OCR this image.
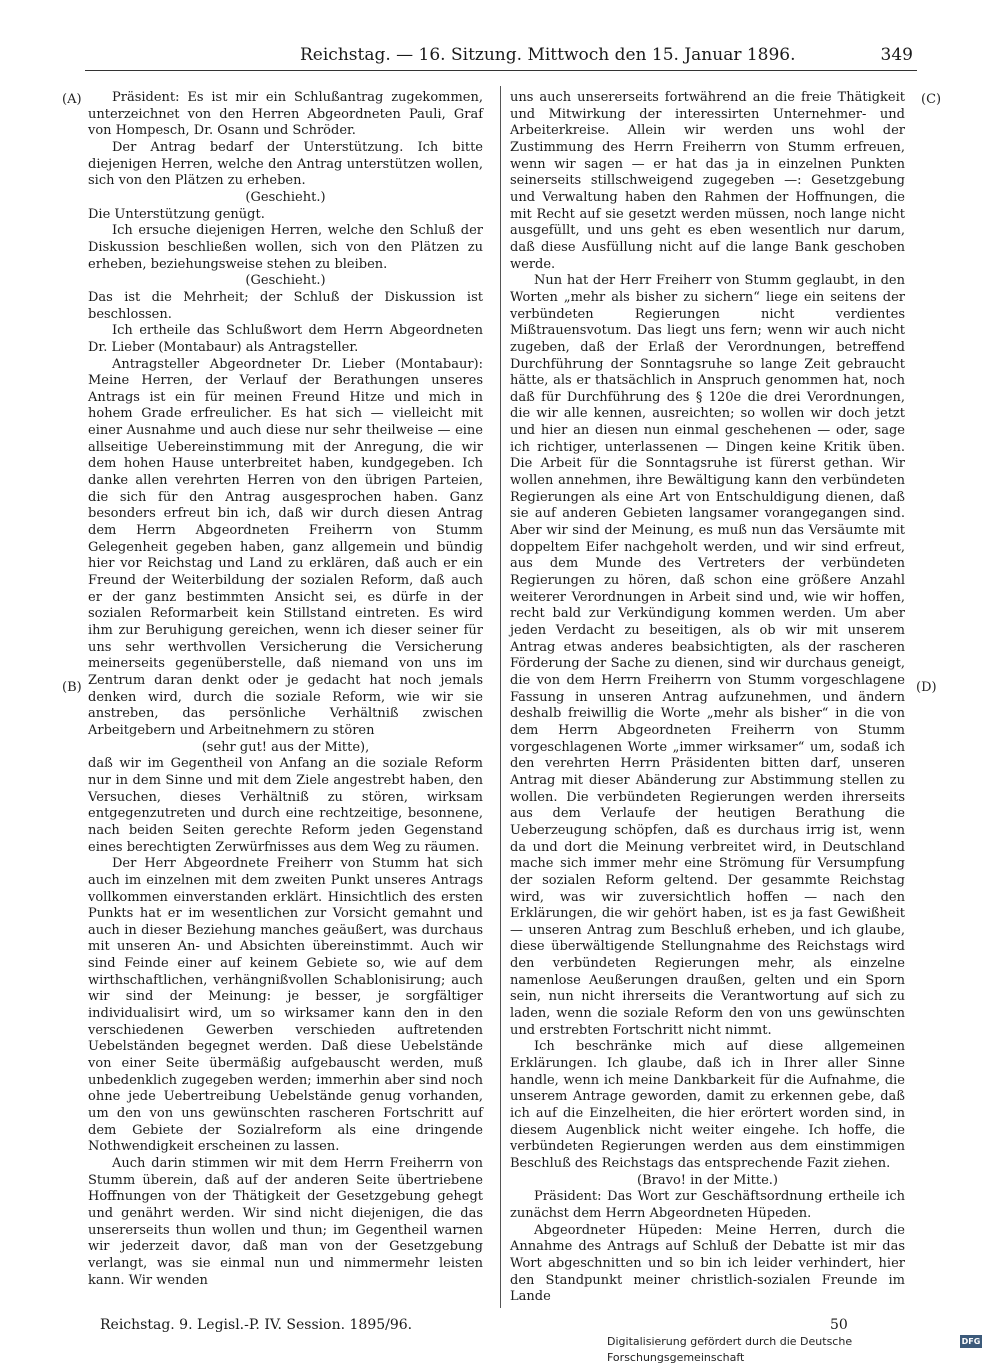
Reichstag. — 16. Sitzung. Mittwoch den 15. Januar 1896.	349
(A)
(B)
(C)
(D)

Präsident: Es ist mir ein Schlußantrag zugekommen, unterzeichnet von den Herren Abgeordneten Pauli, Graf von Hompesch, Dr. Osann und Schröder.

Der Antrag bedarf der Unterstützung. Ich bitte diejenigen Herren, welche den Antrag unterstützen wollen, sich von den Plätzen zu erheben.

(Geschieht.)

Die Unterstützung genügt.

Ich ersuche diejenigen Herren, welche den Schluß der Diskussion beschließen wollen, sich von den Plätzen zu erheben, beziehungsweise stehen zu bleiben.

(Geschieht.)

Das ist die Mehrheit; der Schluß der Diskussion ist beschlossen.

Ich ertheile das Schlußwort dem Herrn Abgeordneten Dr. Lieber (Montabaur) als Antragsteller.

Antragsteller Abgeordneter Dr. Lieber (Montabaur): Meine Herren, der Verlauf der Berathungen unseres Antrags ist ein für meinen Freund Hitze und mich in hohem Grade erfreulicher. Es hat sich — vielleicht mit einer Ausnahme und auch diese nur sehr theilweise — eine allseitige Uebereinstimmung mit der Anregung, die wir dem hohen Hause unterbreitet haben, kundgegeben. Ich danke allen verehrten Herren von den übrigen Parteien, die sich für den Antrag ausgesprochen haben. Ganz besonders erfreut bin ich, daß wir durch diesen Antrag dem Herrn Abgeordneten Freiherrn von Stumm Gelegenheit gegeben haben, ganz allgemein und bündig hier vor Reichstag und Land zu erklären, daß auch er ein Freund der Weiterbildung der sozialen Reform, daß auch er der ganz bestimmten Ansicht sei, es dürfe in der sozialen Reformarbeit kein Stillstand eintreten. Es wird ihm zur Beruhigung gereichen, wenn ich dieser seiner für uns sehr werthvollen Versicherung die Versicherung meinerseits gegenüberstelle, daß niemand von uns im Zentrum daran denkt oder je gedacht hat noch jemals denken wird, durch die soziale Reform, wie wir sie anstreben, das persönliche Verhältniß zwischen Arbeitgebern und Arbeitnehmern zu stören

(sehr gut! aus der Mitte),

daß wir im Gegentheil von Anfang an die soziale Reform nur in dem Sinne und mit dem Ziele angestrebt haben, den Versuchen, dieses Verhältniß zu stören, wirksam entgegenzutreten und durch eine rechtzeitige, besonnene, nach beiden Seiten gerechte Reform jeden Gegenstand eines berechtigten Zerwürfnisses aus dem Weg zu räumen.

Der Herr Abgeordnete Freiherr von Stumm hat sich auch im einzelnen mit dem zweiten Punkt unseres Antrags vollkommen einverstanden erklärt. Hinsichtlich des ersten Punkts hat er im wesentlichen zur Vorsicht gemahnt und auch in dieser Beziehung manches geäußert, was durchaus mit unseren An- und Absichten übereinstimmt. Auch wir sind Feinde einer auf keinem Gebiete so, wie auf dem wirthschaftlichen, verhängnißvollen Schablonisirung; auch wir sind der Meinung: je besser, je sorgfältiger individualisirt wird, um so wirksamer kann den in den verschiedenen Gewerben verschieden auftretenden Uebelständen begegnet werden. Daß diese Uebelstände von einer Seite übermäßig aufgebauscht werden, muß unbedenklich zugegeben werden; immerhin aber sind noch ohne jede Uebertreibung Uebelstände genug vorhanden, um den von uns gewünschten rascheren Fortschritt auf dem Gebiete der Sozialreform als eine dringende Nothwendigkeit erscheinen zu lassen.

Auch darin stimmen wir mit dem Herrn Freiherrn von Stumm überein, daß auf der anderen Seite übertriebene Hoffnungen von der Thätigkeit der Gesetzgebung gehegt und genährt werden. Wir sind nicht diejenigen, die das unsererseits thun wollen und thun; im Gegentheil warnen wir jederzeit davor, daß man von der Gesetzgebung verlangt, was sie einmal nun und nimmermehr leisten kann. Wir wenden

uns auch unsererseits fortwährend an die freie Thätigkeit und Mitwirkung der interessirten Unternehmer- und Arbeiterkreise. Allein wir werden uns wohl der Zustimmung des Herrn Freiherrn von Stumm erfreuen, wenn wir sagen — er hat das ja in einzelnen Punkten seinerseits stillschweigend zugegeben —: Gesetzgebung und Verwaltung haben den Rahmen der Hoffnungen, die mit Recht auf sie gesetzt werden müssen, noch lange nicht ausgefüllt, und uns geht es eben wesentlich nur darum, daß diese Ausfüllung nicht auf die lange Bank geschoben werde.

Nun hat der Herr Freiherr von Stumm geglaubt, in den Worten „mehr als bisher zu sichern“ liege ein seitens der verbündeten Regierungen nicht verdientes Mißtrauensvotum. Das liegt uns fern; wenn wir auch nicht zugeben, daß der Erlaß der Verordnungen, betreffend Durchführung der Sonntagsruhe so lange Zeit gebraucht hätte, als er thatsächlich in Anspruch genommen hat, noch daß für Durchführung des § 120e die drei Verordnungen, die wir alle kennen, ausreichten; so wollen wir doch jetzt und hier an diesen nun einmal geschehenen — oder, sage ich richtiger, unterlassenen — Dingen keine Kritik üben. Die Arbeit für die Sonntagsruhe ist fürerst gethan. Wir wollen annehmen, ihre Bewältigung kann den verbündeten Regierungen als eine Art von Entschuldigung dienen, daß sie auf anderen Gebieten langsamer vorangegangen sind. Aber wir sind der Meinung, es muß nun das Versäumte mit doppeltem Eifer nachgeholt werden, und wir sind erfreut, aus dem Munde des Vertreters der verbündeten Regierungen zu hören, daß schon eine größere Anzahl weiterer Verordnungen in Arbeit sind und, wie wir hoffen, recht bald zur Verkündigung kommen werden. Um aber jeden Verdacht zu beseitigen, als ob wir mit unserem Antrag etwas anderes beabsichtigten, als der rascheren Förderung der Sache zu dienen, sind wir durchaus geneigt, die von dem Herrn Freiherrn von Stumm vorgeschlagene Fassung in unseren Antrag aufzunehmen, und ändern deshalb freiwillig die Worte „mehr als bisher“ in die von dem Herrn Abgeordneten Freiherrn von Stumm vorgeschlagenen Worte „immer wirksamer“ um, sodaß ich den verehrten Herrn Präsidenten bitten darf, unseren Antrag mit dieser Abänderung zur Abstimmung stellen zu wollen. Die verbündeten Regierungen werden ihrerseits aus dem Verlaufe der heutigen Berathung die Ueberzeugung schöpfen, daß es durchaus irrig ist, wenn da und dort die Meinung verbreitet wird, in Deutschland mache sich immer mehr eine Strömung für Versumpfung der sozialen Reform geltend. Der gesammte Reichstag wird, was wir zuversichtlich hoffen — nach den Erklärungen, die wir gehört haben, ist es ja fast Gewißheit — unseren Antrag zum Beschluß erheben, und ich glaube, diese überwältigende Stellungnahme des Reichstags wird den verbündeten Regierungen mehr, als einzelne namenlose Aeußerungen draußen, gelten und ein Sporn sein, nun nicht ihrerseits die Verantwortung auf sich zu laden, wenn die soziale Reform den von uns gewünschten und erstrebten Fortschritt nicht nimmt.

Ich beschränke mich auf diese allgemeinen Erklärungen. Ich glaube, daß ich in Ihrer aller Sinne handle, wenn ich meine Dankbarkeit für die Aufnahme, die unserem Antrage geworden, damit zu erkennen gebe, daß ich auf die Einzelheiten, die hier erörtert worden sind, in diesem Augenblick nicht weiter eingehe. Ich hoffe, die verbündeten Regierungen werden aus dem einstimmigen Beschluß des Reichstags das entsprechende Fazit ziehen.

(Bravo! in der Mitte.)

Präsident: Das Wort zur Geschäftsordnung ertheile ich zunächst dem Herrn Abgeordneten Hüpeden.

Abgeordneter Hüpeden: Meine Herren, durch die Annahme des Antrags auf Schluß der Debatte ist mir das Wort abgeschnitten und so bin ich leider verhindert, hier den Standpunkt meiner christlich-sozialen Freunde im Lande

Reichstag. 9. Legisl.-P. IV. Session. 1895/96.	50
Digitalisierung gefördert durch die Deutsche Forschungsgemeinschaft
DFG
